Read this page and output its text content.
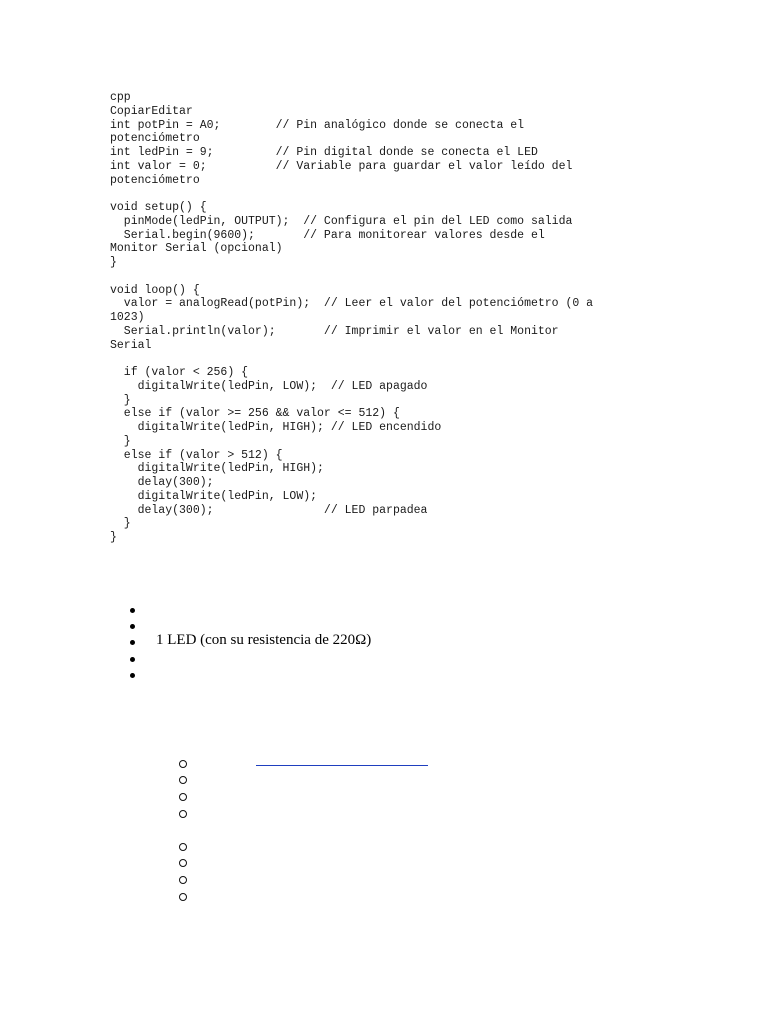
cpp
CopiarEditar
int potPin = A0;        // Pin analógico donde se conecta el
potenciómetro
int ledPin = 9;         // Pin digital donde se conecta el LED
int valor = 0;          // Variable para guardar el valor leído del
potenciómetro
void setup() {
pinMode(ledPin, OUTPUT);  // Configura el pin del LED como salida
Serial.begin(9600);       // Para monitorear valores desde el
Monitor Serial (opcional)
}
void loop() {
valor = analogRead(potPin);  // Leer el valor del potenciómetro (0 a
1023)
Serial.println(valor);       // Imprimir el valor en el Monitor
Serial
if (valor < 256) {
digitalWrite(ledPin, LOW);  // LED apagado
}
else if (valor >= 256 && valor <= 512) {
digitalWrite(ledPin, HIGH); // LED encendido
}
else if (valor > 512) {
digitalWrite(ledPin, HIGH);
delay(300);
digitalWrite(ledPin, LOW);
delay(300);                // LED parpadea
}
}
1 LED (con su resistencia de 220Ω)
